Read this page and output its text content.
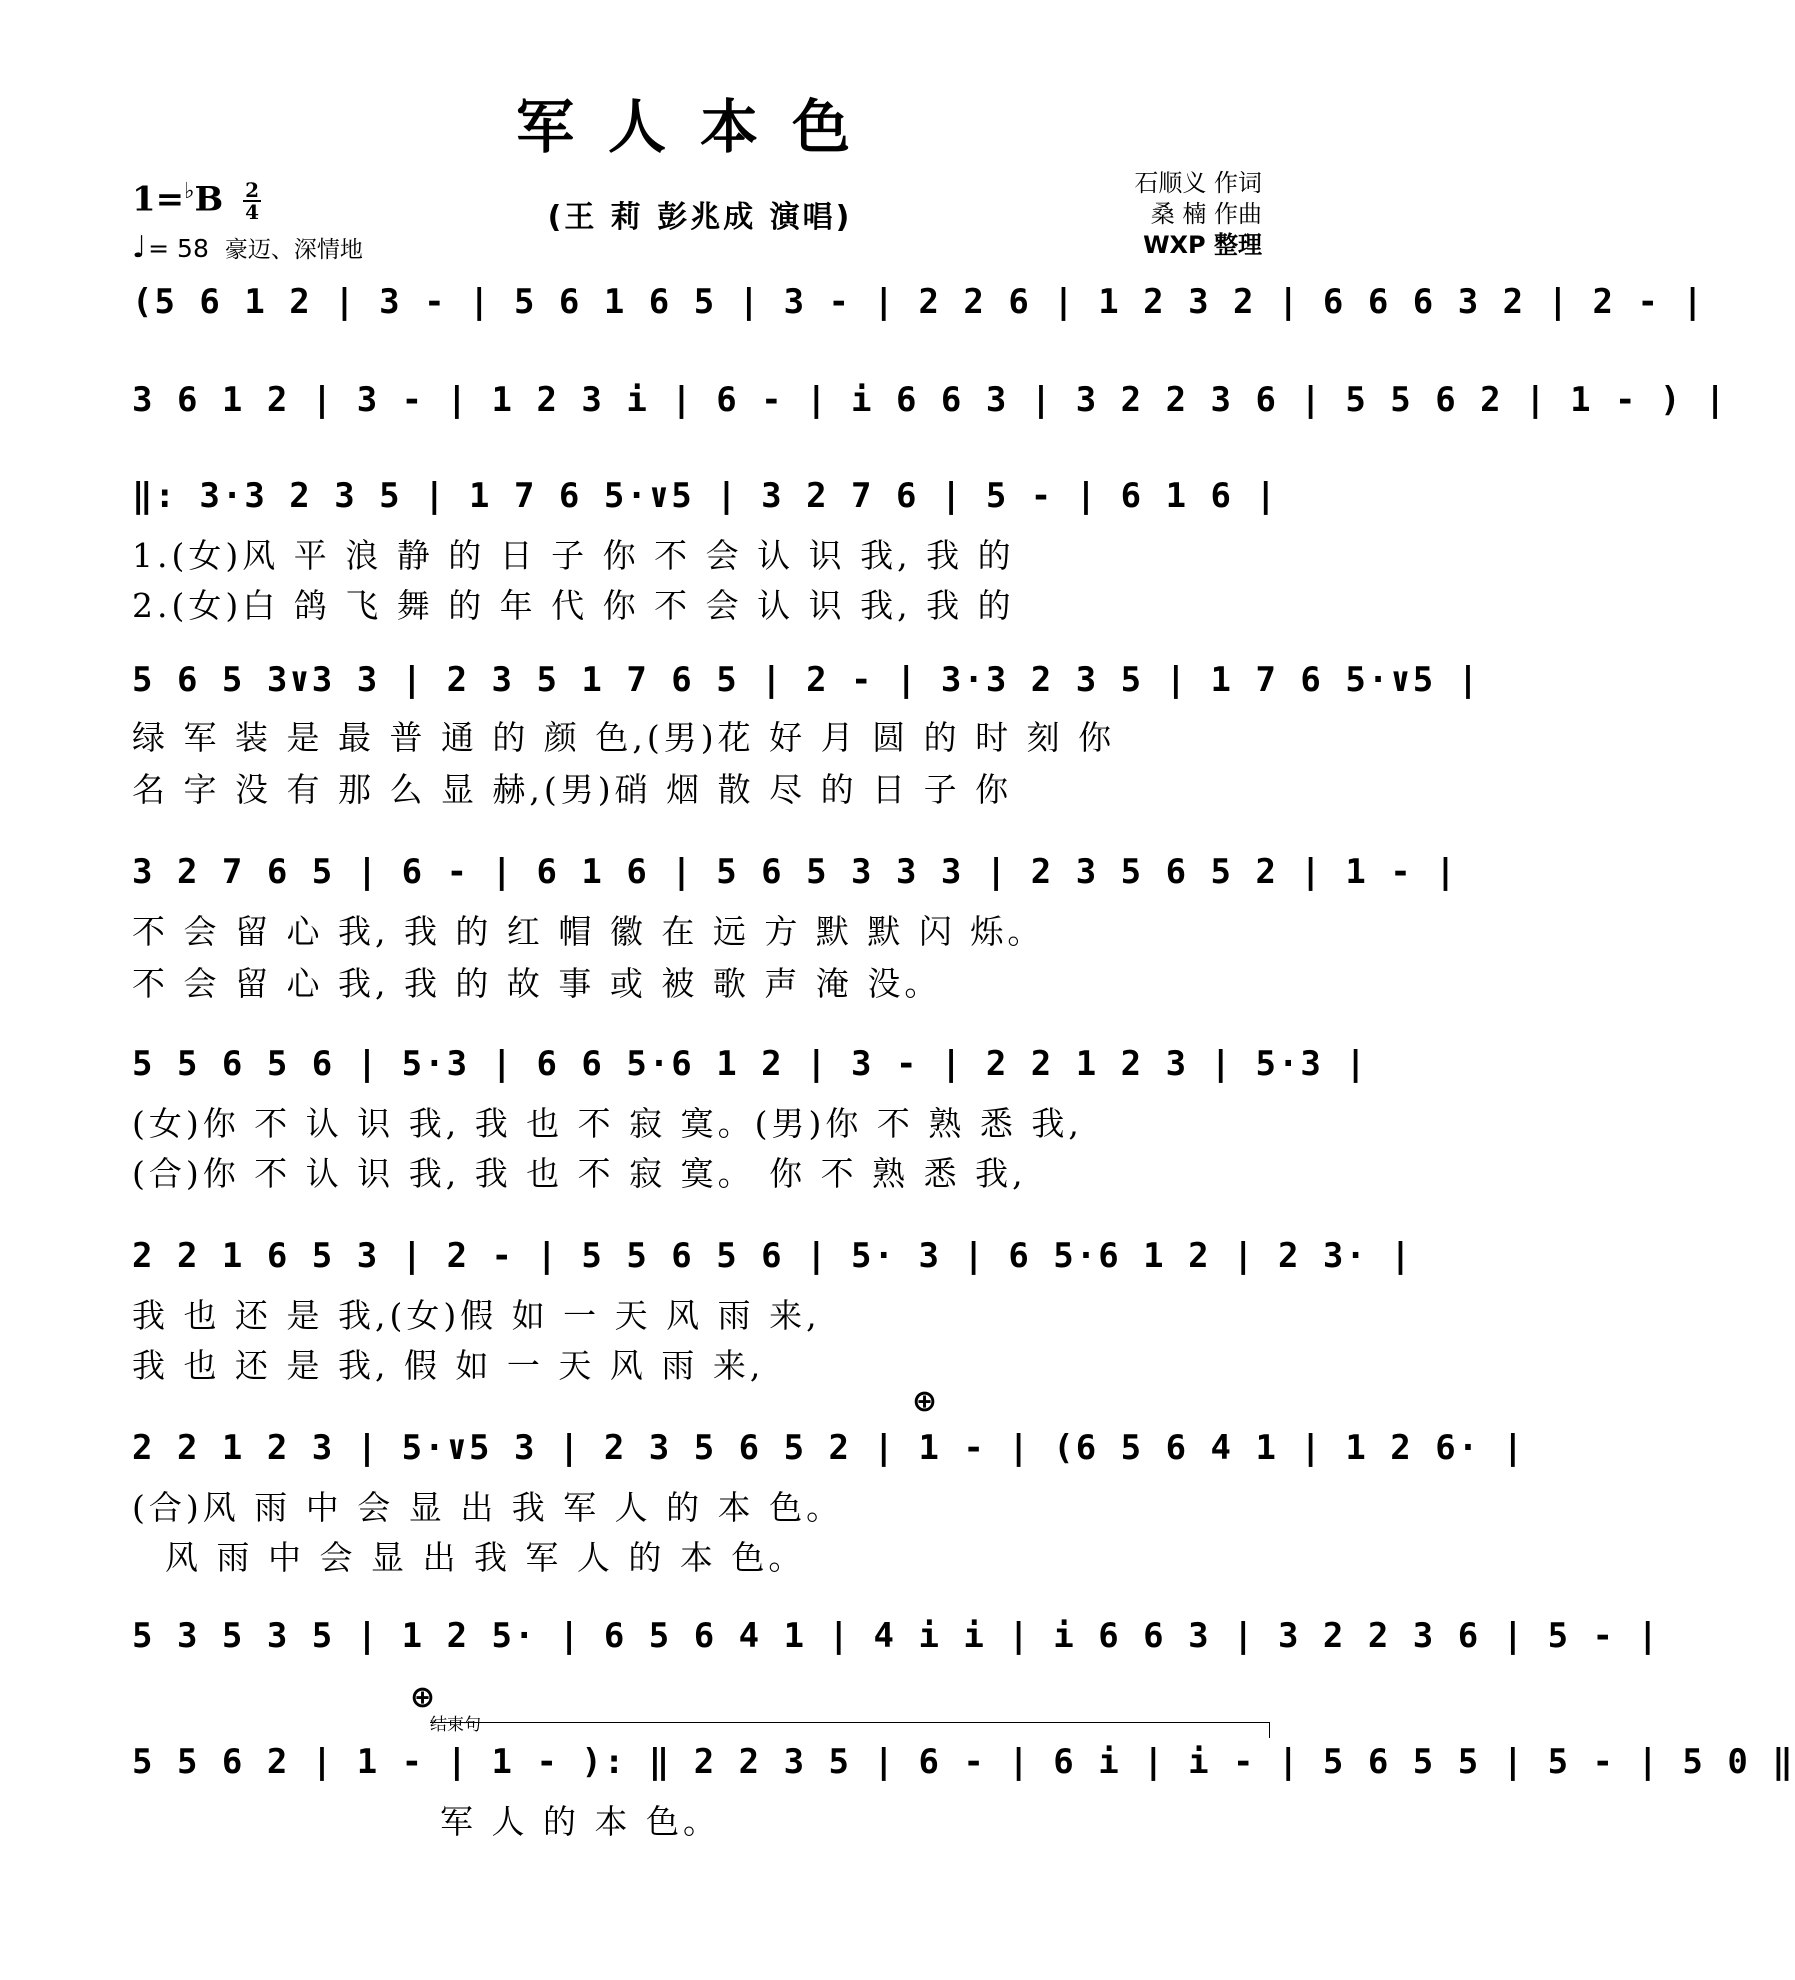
军人本色
(王 莉 彭兆成 演唱)
石顺义 作词
桑 楠 作曲
WXP 整理
$1=^♭B \frac{2}{4}$
♩= 58 豪迈、深情地
(5 6 1 2 | 3 - | 5 6 1 6 5 | 3 - | 2 2 6 | 1 2 3 2 | 6 6 6 3 2 | 2 - |
3 6 1 2 | 3 - | 1 2 3 i | 6 - | i 6 6 3 | 3 2 2 3 6 | 5 5 6 2 | 1 - ) |
‖: 3·3 2 3 5 | 1 7 6 5·∨5 | 3 2 7 6 | 5 - | 6 1 6 |
1.(女)风 平 浪 静 的 日 子 你 不 会 认 识 我, 我 的
2.(女)白 鸽 飞 舞 的 年 代 你 不 会 认 识 我, 我 的
5 6 5 3∨3 3 | 2 3 5 1 7 6 5 | 2 - | 3·3 2 3 5 | 1 7 6 5·∨5 |
绿 军 装 是 最 普 通 的 颜 色,(男)花 好 月 圆 的 时 刻 你
名 字 没 有 那 么 显 赫,(男)硝 烟 散 尽 的 日 子 你
3 2 7 6 5 | 6 - | 6 1 6 | 5 6 5 3 3 3 | 2 3 5 6 5 2 | 1 - |
不 会 留 心 我, 我 的 红 帽 徽 在 远 方 默 默 闪 烁。
不 会 留 心 我, 我 的 故 事 或 被 歌 声 淹 没。
5 5 6 5 6 | 5·3 | 6 6 5·6 1 2 | 3 - | 2 2 1 2 3 | 5·3 |
(女)你 不 认 识 我, 我 也 不 寂 寞。(男)你 不 熟 悉 我,
(合)你 不 认 识 我, 我 也 不 寂 寞。 你 不 熟 悉 我,
2 2 1 6 5 3 | 2 - | 5 5 6 5 6 | 5· 3 | 6 5·6 1 2 | 2 3· |
我 也 还 是 我,(女)假 如 一 天 风 雨 来,
我 也 还 是 我, 假 如 一 天 风 雨 来,
⊕
2 2 1 2 3 | 5·∨5 3 | 2 3 5 6 5 2 | 1 - | (6 5 6 4 1 | 1 2 6· |
(合)风 雨 中 会 显 出 我 军 人 的 本 色。
风 雨 中 会 显 出 我 军 人 的 本 色。
5 3 5 3 5 | 1 2 5· | 6 5 6 4 1 | 4 i i | i 6 6 3 | 3 2 2 3 6 | 5 - |
⊕
结束句
5 5 6 2 | 1 - | 1 - ): ‖ 2 2 3 5 | 6 - | 6 i | i - | 5 6 5 5 | 5 - | 5 0 ‖
军 人 的 本 色。
